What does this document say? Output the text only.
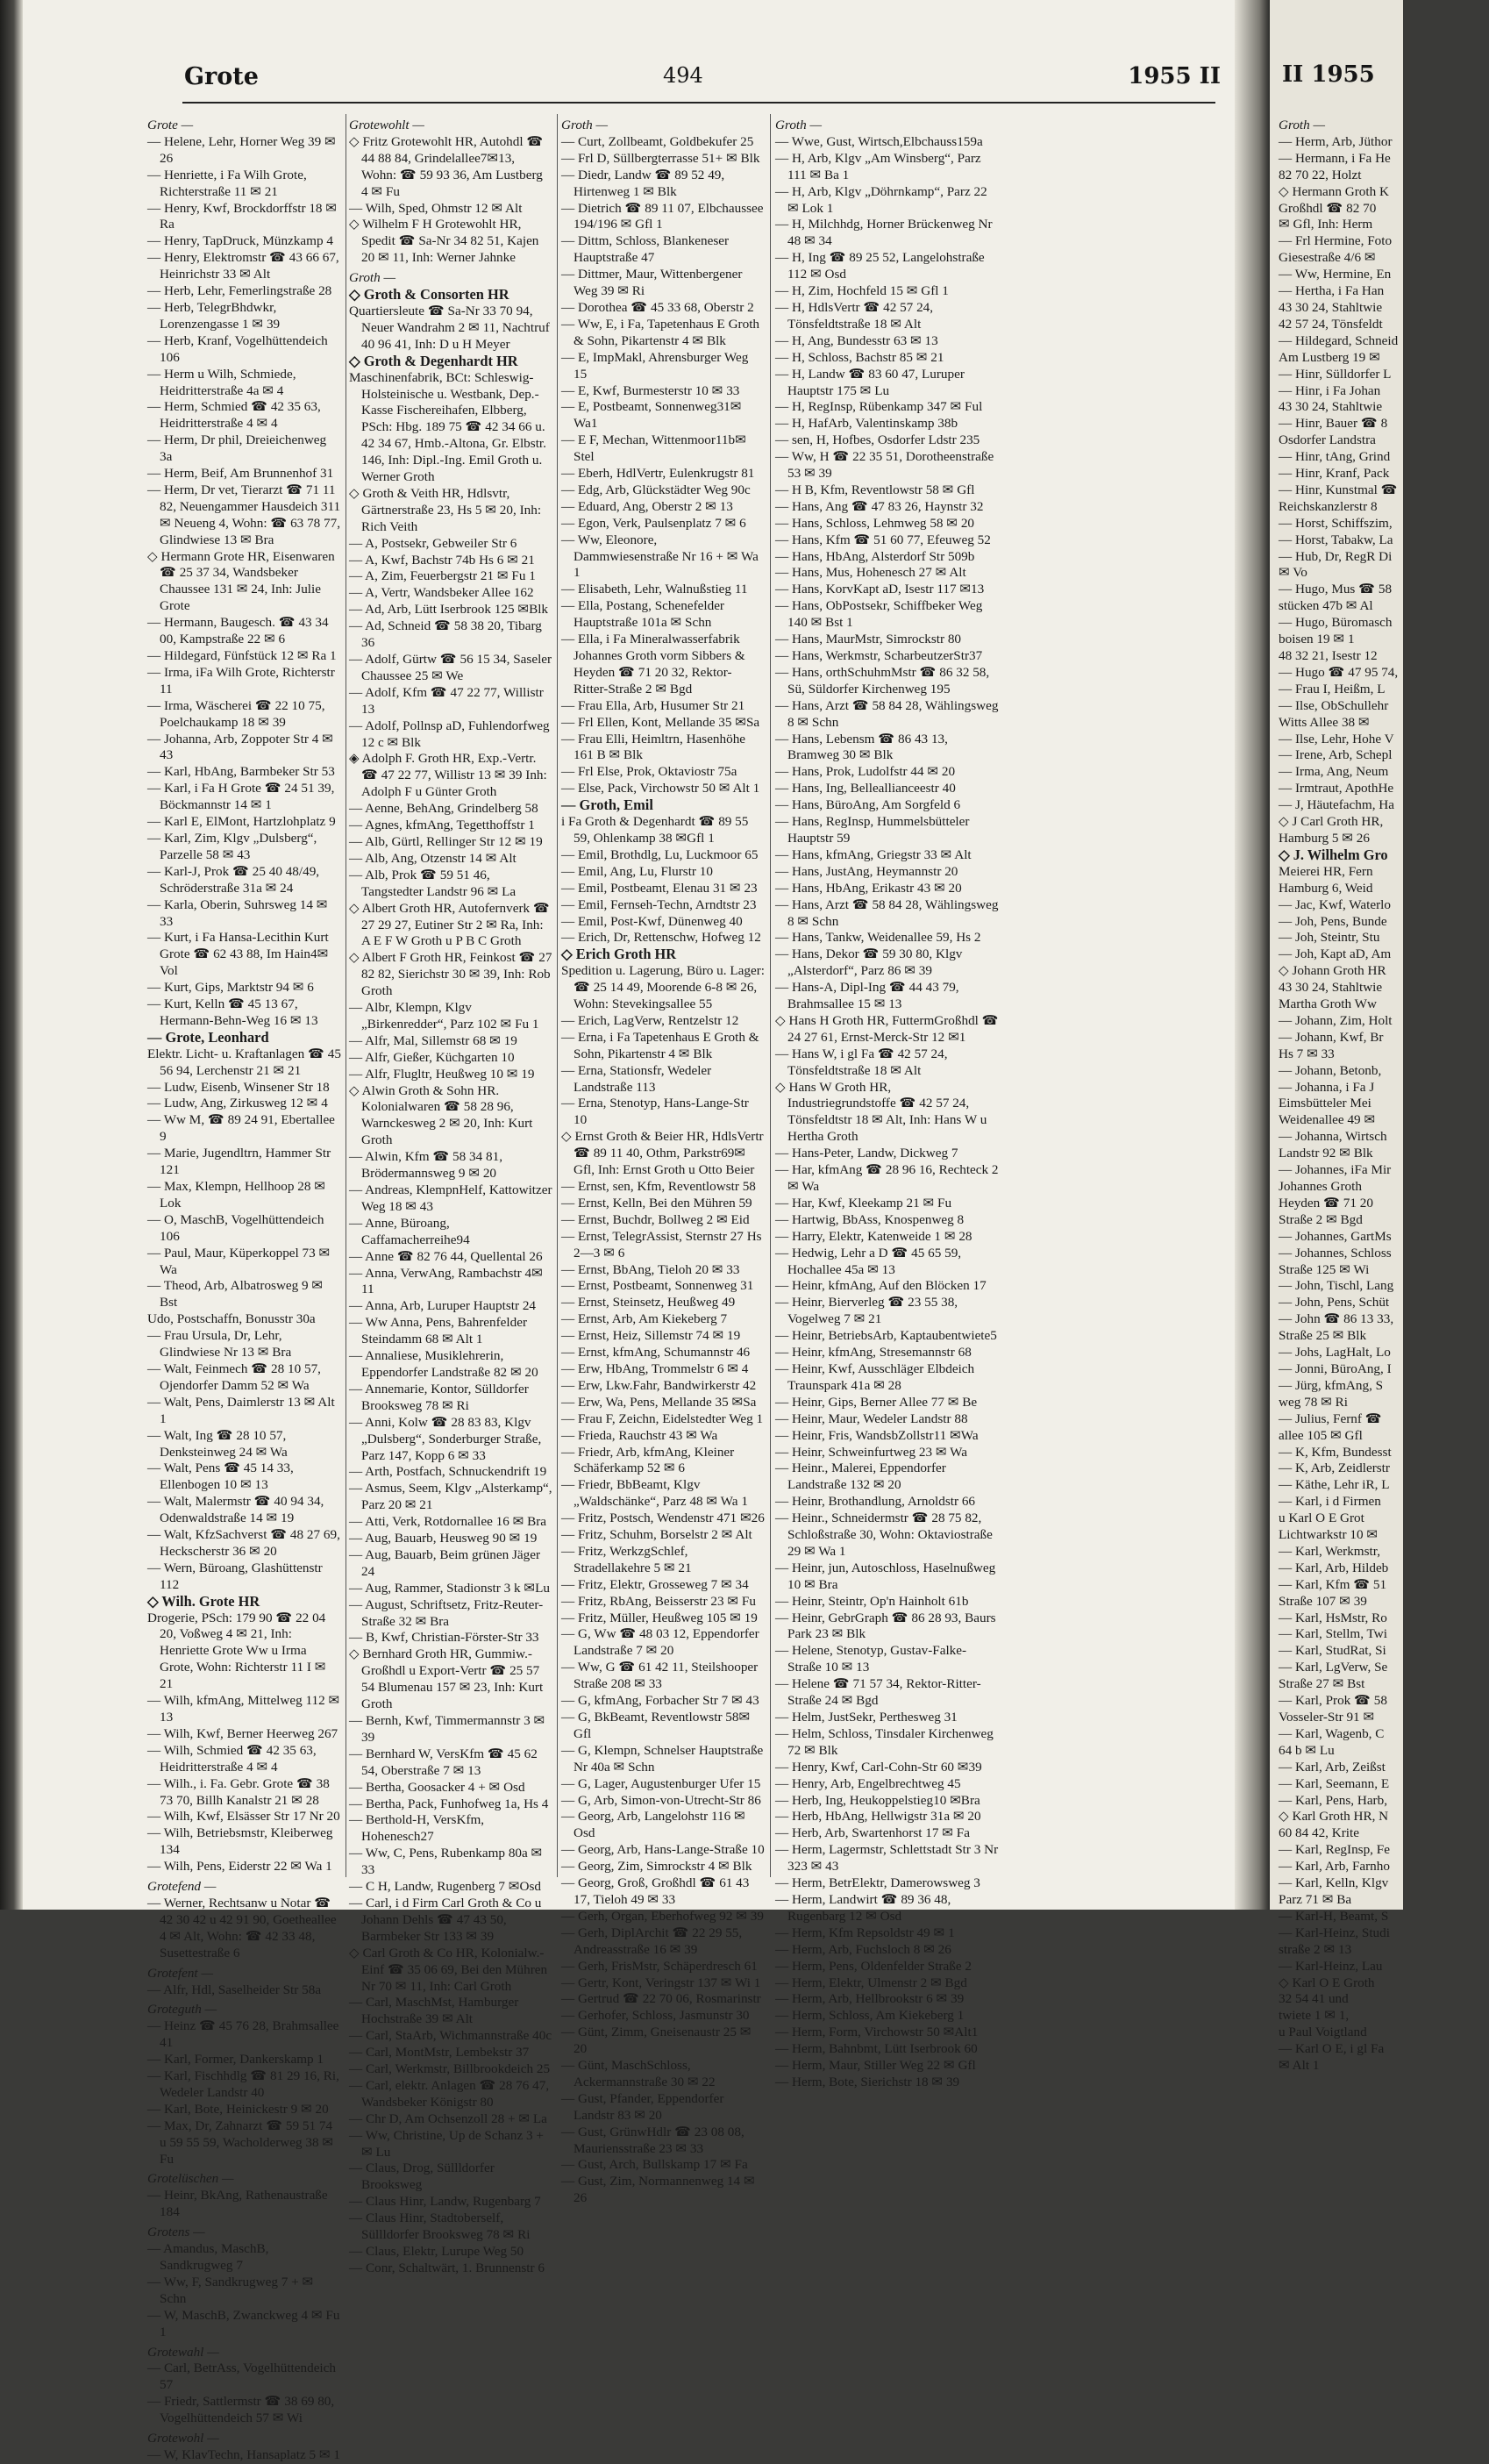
Grote	494	1955 II

Grote —

— Helene, Lehr, Horner Weg 39 ✉ 26

— Henriette, i Fa Wilh Grote, Richterstraße 11 ✉ 21

— Henry, Kwf, Brockdorffstr 18 ✉ Ra

— Henry, TapDruck, Münzkamp 4

— Henry, Elektromstr ☎ 43 66 67, Heinrichstr 33 ✉ Alt

— Herb, Lehr, Femerlingstraße 28

— Herb, TelegrBhdwkr, Lorenzengasse 1 ✉ 39

— Herb, Kranf, Vogelhüttendeich 106

— Herm u Wilh, Schmiede, Heidritterstraße 4a ✉ 4

— Herm, Schmied ☎ 42 35 63, Heidritterstraße 4 ✉ 4

— Herm, Dr phil, Dreieichenweg 3a

— Herm, Beif, Am Brunnenhof 31

— Herm, Dr vet, Tierarzt ☎ 71 11 82, Neuengammer Hausdeich 311 ✉ Neueng 4, Wohn: ☎ 63 78 77, Glindwiese 13 ✉ Bra

◇ Hermann Grote HR, Eisenwaren ☎ 25 37 34, Wandsbeker Chaussee 131 ✉ 24, Inh: Julie Grote

— Hermann, Baugesch. ☎ 43 34 00, Kampstraße 22 ✉ 6

— Hildegard, Fünfstück 12 ✉ Ra 1

— Irma, iFa Wilh Grote, Richterstr 11

— Irma, Wäscherei ☎ 22 10 75, Poelchaukamp 18 ✉ 39

— Johanna, Arb, Zoppoter Str 4 ✉ 43

— Karl, HbAng, Barmbeker Str 53

— Karl, i Fa H Grote ☎ 24 51 39, Böckmannstr 14 ✉ 1

— Karl E, ElMont, Hartzlohplatz 9

— Karl, Zim, Klgv „Dulsberg“, Parzelle 58 ✉ 43

— Karl-J, Prok ☎ 25 40 48/49, Schröderstraße 31a ✉ 24

— Karla, Oberin, Suhrsweg 14 ✉ 33

— Kurt, i Fa Hansa-Lecithin Kurt Grote ☎ 62 43 88, Im Hain4✉Vol

— Kurt, Gips, Marktstr 94 ✉ 6

— Kurt, Kelln ☎ 45 13 67, Hermann-Behn-Weg 16 ✉ 13

— Grote, Leonhard

Elektr. Licht- u. Kraftanlagen ☎ 45 56 94, Lerchenstr 21 ✉ 21

— Ludw, Eisenb, Winsener Str 18

— Ludw, Ang, Zirkusweg 12 ✉ 4

— Ww M, ☎ 89 24 91, Ebertallee 9

— Marie, Jugendltrn, Hammer Str 121

— Max, Klempn, Hellhoop 28 ✉ Lok

— O, MaschB, Vogelhüttendeich 106

— Paul, Maur, Küperkoppel 73 ✉ Wa

— Theod, Arb, Albatrosweg 9 ✉ Bst

Udo, Postschaffn, Bonusstr 30a

— Frau Ursula, Dr, Lehr, Glindwiese Nr 13 ✉ Bra

— Walt, Feinmech ☎ 28 10 57, Ojendorfer Damm 52 ✉ Wa

— Walt, Pens, Daimlerstr 13 ✉ Alt 1

— Walt, Ing ☎ 28 10 57, Denksteinweg 24 ✉ Wa

— Walt, Pens ☎ 45 14 33, Ellenbogen 10 ✉ 13

— Walt, Malermstr ☎ 40 94 34, Odenwaldstraße 14 ✉ 19

— Walt, KfzSachverst ☎ 48 27 69, Heckscherstr 36 ✉ 20

— Wern, Büroang, Glashüttenstr 112

◇ Wilh. Grote HR

Drogerie, PSch: 179 90 ☎ 22 04 20, Voßweg 4 ✉ 21, Inh: Henriette Grote Ww u Irma Grote, Wohn: Richterstr 11 I ✉ 21

— Wilh, kfmAng, Mittelweg 112 ✉13

— Wilh, Kwf, Berner Heerweg 267

— Wilh, Schmied ☎ 42 35 63, Heidritterstraße 4 ✉ 4

— Wilh., i. Fa. Gebr. Grote ☎ 38 73 70, Billh Kanalstr 21 ✉ 28

— Wilh, Kwf, Elsässer Str 17 Nr 20

— Wilh, Betriebsmstr, Kleiberweg 134

— Wilh, Pens, Eiderstr 22 ✉ Wa 1

Grotefend —

— Werner, Rechtsanw u Notar ☎ 42 30 42 u 42 91 90, Goetheallee 4 ✉ Alt, Wohn: ☎ 42 33 48, Susettestraße 6

Grotefent —

— Alfr, Hdl, Saselheider Str 58a

Groteguth —

— Heinz ☎ 45 76 28, Brahmsallee 41

— Karl, Former, Dankerskamp 1

— Karl, Fischhdlg ☎ 81 29 16, Ri, Wedeler Landstr 40

— Karl, Bote, Heinickestr 9 ✉ 20

— Max, Dr, Zahnarzt ☎ 59 51 74 u 59 55 59, Wacholderweg 38 ✉ Fu

Grotelüschen —

— Heinr, BkAng, Rathenaustraße 184

Grotens —

— Amandus, MaschB, Sandkrugweg 7

— Ww, F, Sandkrugweg 7 + ✉ Schn

— W, MaschB, Zwanckweg 4 ✉ Fu 1

Grotewahl —

— Carl, BetrAss, Vogelhüttendeich 57

— Friedr, Sattlermstr ☎ 38 69 80, Vogelhüttendeich 57 ✉ Wi

Grotewohl —

— W, KlavTechn, Hansaplatz 5 ✉ 1

Grotewohlt —

◇ Fritz Grotewohlt HR, Autohdl ☎ 44 88 84, Grindelallee7✉13, Wohn: ☎ 59 93 36, Am Lustberg 4 ✉ Fu

— Wilh, Sped, Ohmstr 12 ✉ Alt

◇ Wilhelm F H Grotewohlt HR, Spedit ☎ Sa-Nr 34 82 51, Kajen 20 ✉ 11, Inh: Werner Jahnke

Groth —

◇ Groth & Consorten HR

Quartiersleute ☎ Sa-Nr 33 70 94, Neuer Wandrahm 2 ✉ 11, Nachtruf 40 96 41, Inh: D u H Meyer

◇ Groth & Degenhardt HR

Maschinenfabrik, BCt: Schleswig-Holsteinische u. Westbank, Dep.-Kasse Fischereihafen, Elbberg, PSch: Hbg. 189 75 ☎ 42 34 66 u. 42 34 67, Hmb.-Altona, Gr. Elbstr. 146, Inh: Dipl.-Ing. Emil Groth u. Werner Groth

◇ Groth & Veith HR, Hdlsvtr, Gärtnerstraße 23, Hs 5 ✉ 20, Inh: Rich Veith

— A, Postsekr, Gebweiler Str 6

— A, Kwf, Bachstr 74b Hs 6 ✉ 21

— A, Zim, Feuerbergstr 21 ✉ Fu 1

— A, Vertr, Wandsbeker Allee 162

— Ad, Arb, Lütt Iserbrook 125 ✉Blk

— Ad, Schneid ☎ 58 38 20, Tibarg 36

— Adolf, Gürtw ☎ 56 15 34, Saseler Chaussee 25 ✉ We

— Adolf, Kfm ☎ 47 22 77, Willistr 13

— Adolf, Pollnsp aD, Fuhlendorfweg 12 c ✉ Blk

◈ Adolph F. Groth HR, Exp.-Vertr. ☎ 47 22 77, Willistr 13 ✉ 39 Inh: Adolph F u Günter Groth

— Aenne, BehAng, Grindelberg 58

— Agnes, kfmAng, Tegetthoffstr 1

— Alb, Gürtl, Rellinger Str 12 ✉ 19

— Alb, Ang, Otzenstr 14 ✉ Alt

— Alb, Prok ☎ 59 51 46, Tangstedter Landstr 96 ✉ La

◇ Albert Groth HR, Autofernverk ☎ 27 29 27, Eutiner Str 2 ✉ Ra, Inh: A E F W Groth u P B C Groth

◇ Albert F Groth HR, Feinkost ☎ 27 82 82, Sierichstr 30 ✉ 39, Inh: Rob Groth

— Albr, Klempn, Klgv „Birkenredder“, Parz 102 ✉ Fu 1

— Alfr, Mal, Sillemstr 68 ✉ 19

— Alfr, Gießer, Küchgarten 10

— Alfr, Flugltr, Heußweg 10 ✉ 19

◇ Alwin Groth & Sohn HR. Kolonialwaren ☎ 58 28 96, Warnckesweg 2 ✉ 20, Inh: Kurt Groth

— Alwin, Kfm ☎ 58 34 81, Brödermannsweg 9 ✉ 20

— Andreas, KlempnHelf, Kattowitzer Weg 18 ✉ 43

— Anne, Büroang, Caffamacherreihe94

— Anne ☎ 82 76 44, Quellental 26

— Anna, VerwAng, Rambachstr 4✉11

— Anna, Arb, Luruper Hauptstr 24

— Ww Anna, Pens, Bahrenfelder Steindamm 68 ✉ Alt 1

— Annaliese, Musiklehrerin, Eppendorfer Landstraße 82 ✉ 20

— Annemarie, Kontor, Sülldorfer Brooksweg 78 ✉ Ri

— Anni, Kolw ☎ 28 83 83, Klgv „Dulsberg“, Sonderburger Straße, Parz 147, Kopp 6 ✉ 33

— Arth, Postfach, Schnuckendrift 19

— Asmus, Seem, Klgv „Alsterkamp“, Parz 20 ✉ 21

— Atti, Verk, Rotdornallee 16 ✉ Bra

— Aug, Bauarb, Heusweg 90 ✉ 19

— Aug, Bauarb, Beim grünen Jäger 24

— Aug, Rammer, Stadionstr 3 k ✉Lu

— August, Schriftsetz, Fritz-Reuter-Straße 32 ✉ Bra

— B, Kwf, Christian-Förster-Str 33

◇ Bernhard Groth HR, Gummiw.-Großhdl u Export-Vertr ☎ 25 57 54 Blumenau 157 ✉ 23, Inh: Kurt Groth

— Bernh, Kwf, Timmermannstr 3 ✉39

— Bernhard W, VersKfm ☎ 45 62 54, Oberstraße 7 ✉ 13

— Bertha, Goosacker 4 + ✉ Osd

— Bertha, Pack, Funhofweg 1a, Hs 4

— Berthold-H, VersKfm, Hohenesch27

— Ww, C, Pens, Rubenkamp 80a ✉33

— C H, Landw, Rugenberg 7 ✉Osd

— Carl, i d Firm Carl Groth & Co u Johann Dehls ☎ 47 43 50, Barmbeker Str 133 ✉ 39

◇ Carl Groth & Co HR, Kolonialw.-Einf ☎ 35 06 69, Bei den Mühren Nr 70 ✉ 11, Inh: Carl Groth

— Carl, MaschMst, Hamburger Hochstraße 39 ✉ Alt

— Carl, StaArb, Wichmannstraße 40c

— Carl, MontMstr, Lembekstr 37

— Carl, Werkmstr, Billbrookdeich 25

— Carl, elektr. Anlagen ☎ 28 76 47, Wandsbeker Königstr 80

— Chr D, Am Ochsenzoll 28 + ✉ La

— Ww, Christine, Up de Schanz 3 + ✉ Lu

— Claus, Drog, Süllldorfer Brooksweg

— Claus Hinr, Landw, Rugenbarg 7

— Claus Hinr, Stadtoberself, Süllldorfer Brooksweg 78 ✉ Ri

— Claus, Elektr, Lurupe Weg 50

— Conr, Schaltwärt, 1. Brunnenstr 6

Groth —

— Curt, Zollbeamt, Goldbekufer 25

— Frl D, Süllbergterrasse 51+ ✉ Blk

— Diedr, Landw ☎ 89 52 49, Hirtenweg 1 ✉ Blk

— Dietrich ☎ 89 11 07, Elbchaussee 194/196 ✉ Gfl 1

— Dittm, Schloss, Blankeneser Hauptstraße 47

— Dittmer, Maur, Wittenbergener Weg 39 ✉ Ri

— Dorothea ☎ 45 33 68, Oberstr 2

— Ww, E, i Fa, Tapetenhaus E Groth & Sohn, Pikartenstr 4 ✉ Blk

— E, ImpMakl, Ahrensburger Weg 15

— E, Kwf, Burmesterstr 10 ✉ 33

— E, Postbeamt, Sonnenweg31✉Wa1

— E F, Mechan, Wittenmoor11b✉Stel

— Eberh, HdlVertr, Eulenkrugstr 81

— Edg, Arb, Glückstädter Weg 90c

— Eduard, Ang, Oberstr 2 ✉ 13

— Egon, Verk, Paulsenplatz 7 ✉ 6

— Ww, Eleonore, Dammwiesenstraße Nr 16 + ✉ Wa 1

— Elisabeth, Lehr, Walnußstieg 11

— Ella, Postang, Schenefelder Hauptstraße 101a ✉ Schn

— Ella, i Fa Mineralwasserfabrik Johannes Groth vorm Sibbers & Heyden ☎ 71 20 32, Rektor-Ritter-Straße 2 ✉ Bgd

— Frau Ella, Arb, Husumer Str 21

— Frl Ellen, Kont, Mellande 35 ✉Sa

— Frau Elli, Heimltrn, Hasenhöhe 161 B ✉ Blk

— Frl Else, Prok, Oktaviostr 75a

— Else, Pack, Virchowstr 50 ✉ Alt 1

— Groth, Emil

i Fa Groth & Degenhardt ☎ 89 55 59, Ohlenkamp 38 ✉Gfl 1

— Emil, Brothdlg, Lu, Luckmoor 65

— Emil, Ang, Lu, Flurstr 10

— Emil, Postbeamt, Elenau 31 ✉ 23

— Emil, Fernseh-Techn, Arndtstr 23

— Emil, Post-Kwf, Dünenweg 40

— Erich, Dr, Rettenschw, Hofweg 12

◇ Erich Groth HR

Spedition u. Lagerung, Büro u. Lager: ☎ 25 14 49, Moorende 6-8 ✉ 26, Wohn: Stevekingsallee 55

— Erich, LagVerw, Rentzelstr 12

— Erna, i Fa Tapetenhaus E Groth & Sohn, Pikartenstr 4 ✉ Blk

— Erna, Stationsfr, Wedeler Landstraße 113

— Erna, Stenotyp, Hans-Lange-Str 10

◇ Ernst Groth & Beier HR, HdlsVertr ☎ 89 11 40, Othm, Parkstr69✉Gfl, Inh: Ernst Groth u Otto Beier

— Ernst, sen, Kfm, Reventlowstr 58

— Ernst, Kelln, Bei den Mühren 59

— Ernst, Buchdr, Bollweg 2 ✉ Eid

— Ernst, TelegrAssist, Sternstr 27 Hs 2—3 ✉ 6

— Ernst, BbAng, Tieloh 20 ✉ 33

— Ernst, Postbeamt, Sonnenweg 31

— Ernst, Steinsetz, Heußweg 49

— Ernst, Arb, Am Kiekeberg 7

— Ernst, Heiz, Sillemstr 74 ✉ 19

— Ernst, kfmAng, Schumannstr 46

— Erw, HbAng, Trommelstr 6 ✉ 4

— Erw, Lkw.Fahr, Bandwirkerstr 42

— Erw, Wa, Pens, Mellande 35 ✉Sa

— Frau F, Zeichn, Eidelstedter Weg 1

— Frieda, Rauchstr 43 ✉ Wa

— Friedr, Arb, kfmAng, Kleiner Schäferkamp 52 ✉ 6

— Friedr, BbBeamt, Klgv „Waldschänke“, Parz 48 ✉ Wa 1

— Fritz, Postsch, Wendenstr 471 ✉26

— Fritz, Schuhm, Borselstr 2 ✉ Alt

— Fritz, WerkzgSchlef, Stradellakehre 5 ✉ 21

— Fritz, Elektr, Grosseweg 7 ✉ 34

— Fritz, RbAng, Beisserstr 23 ✉ Fu

— Fritz, Müller, Heußweg 105 ✉ 19

— G, Ww ☎ 48 03 12, Eppendorfer Landstraße 7 ✉ 20

— Ww, G ☎ 61 42 11, Steilshooper Straße 208 ✉ 33

— G, kfmAng, Forbacher Str 7 ✉ 43

— G, BkBeamt, Reventlowstr 58✉Gfl

— G, Klempn, Schnelser Hauptstraße Nr 40a ✉ Schn

— G, Lager, Augustenburger Ufer 15

— G, Arb, Simon-von-Utrecht-Str 86

— Georg, Arb, Langelohstr 116 ✉ Osd

— Georg, Arb, Hans-Lange-Straße 10

— Georg, Zim, Simrockstr 4 ✉ Blk

— Georg, Groß, Großhdl ☎ 61 43 17, Tieloh 49 ✉ 33

— Gerh, Organ, Eberhofweg 92 ✉ 39

— Gerh, DiplArchit ☎ 22 29 55, Andreasstraße 16 ✉ 39

— Gerh, FrisMstr, Schäperdresch 61

— Gertr, Kont, Veringstr 137 ✉ Wi 1

— Gertrud ☎ 22 70 06, Rosmarinstr

— Gerhofer, Schloss, Jasmunstr 30

— Günt, Zimm, Gneisenaustr 25 ✉ 20

— Günt, MaschSchloss, Ackermannstraße 30 ✉ 22

— Gust, Pfander, Eppendorfer Landstr 83 ✉ 20

— Gust, GrünwHdlr ☎ 23 08 08, Mauriensstraße 23 ✉ 33

— Gust, Arch, Bullskamp 17 ✉ Fa

— Gust, Zim, Normannenweg 14 ✉26

Groth —

— Wwe, Gust, Wirtsch,Elbchauss159a

— H, Arb, Klgv „Am Winsberg“, Parz 111 ✉ Ba 1

— H, Arb, Klgv „Döhrnkamp“, Parz 22 ✉ Lok 1

— H, Milchhdg, Horner Brückenweg Nr 48 ✉ 34

— H, Ing ☎ 89 25 52, Langelohstraße 112 ✉ Osd

— H, Zim, Hochfeld 15 ✉ Gfl 1

— H, HdlsVertr ☎ 42 57 24, Tönsfeldtstraße 18 ✉ Alt

— H, Ang, Bundesstr 63 ✉ 13

— H, Schloss, Bachstr 85 ✉ 21

— H, Landw ☎ 83 60 47, Luruper Hauptstr 175 ✉ Lu

— H, RegInsp, Rübenkamp 347 ✉ Ful

— H, HafArb, Valentinskamp 38b

— sen, H, Hofbes, Osdorfer Ldstr 235

— Ww, H ☎ 22 35 51, Dorotheenstraße 53 ✉ 39

— H B, Kfm, Reventlowstr 58 ✉ Gfl

— Hans, Ang ☎ 47 83 26, Haynstr 32

— Hans, Schloss, Lehmweg 58 ✉ 20

— Hans, Kfm ☎ 51 60 77, Efeuweg 52

— Hans, HbAng, Alsterdorf Str 509b

— Hans, Mus, Hohenesch 27 ✉ Alt

— Hans, KorvKapt aD, Isestr 117 ✉13

— Hans, ObPostsekr, Schiffbeker Weg 140 ✉ Bst 1

— Hans, MaurMstr, Simrockstr 80

— Hans, Werkmstr, ScharbeutzerStr37

— Hans, orthSchuhmMstr ☎ 86 32 58, Sü, Süldorfer Kirchenweg 195

— Hans, Arzt ☎ 58 84 28, Wählingsweg 8 ✉ Schn

— Hans, Lebensm ☎ 86 43 13, Bramweg 30 ✉ Blk

— Hans, Prok, Ludolfstr 44 ✉ 20

— Hans, Ing, Belleallianceestr 40

— Hans, BüroAng, Am Sorgfeld 6

— Hans, RegInsp, Hummelsbütteler Hauptstr 59

— Hans, kfmAng, Griegstr 33 ✉ Alt

— Hans, JustAng, Heymannstr 20

— Hans, HbAng, Erikastr 43 ✉ 20

— Hans, Arzt ☎ 58 84 28, Wählingsweg 8 ✉ Schn

— Hans, Tankw, Weidenallee 59, Hs 2

— Hans, Dekor ☎ 59 30 80, Klgv „Alsterdorf“, Parz 86 ✉ 39

— Hans-A, Dipl-Ing ☎ 44 43 79, Brahmsallee 15 ✉ 13

◇ Hans H Groth HR, FuttermGroßhdl ☎ 24 27 61, Ernst-Merck-Str 12 ✉1

— Hans W, i gl Fa ☎ 42 57 24, Tönsfeldtstraße 18 ✉ Alt

◇ Hans W Groth HR, Industriegrundstoffe ☎ 42 57 24, Tönsfeldtstr 18 ✉ Alt, Inh: Hans W u Hertha Groth

— Hans-Peter, Landw, Dickweg 7

— Har, kfmAng ☎ 28 96 16, Rechteck 2 ✉ Wa

— Har, Kwf, Kleekamp 21 ✉ Fu

— Hartwig, BbAss, Knospenweg 8

— Harry, Elektr, Katenweide 1 ✉ 28

— Hedwig, Lehr a D ☎ 45 65 59, Hochallee 45a ✉ 13

— Heinr, kfmAng, Auf den Blöcken 17

— Heinr, Bierverleg ☎ 23 55 38, Vogelweg 7 ✉ 21

— Heinr, BetriebsArb, Kaptaubentwiete5

— Heinr, kfmAng, Stresemannstr 68

— Heinr, Kwf, Ausschläger Elbdeich Traunspark 41a ✉ 28

— Heinr, Gips, Berner Allee 77 ✉ Be

— Heinr, Maur, Wedeler Landstr 88

— Heinr, Fris, WandsbZollstr11 ✉Wa

— Heinr, Schweinfurtweg 23 ✉ Wa

— Heinr., Malerei, Eppendorfer Landstraße 132 ✉ 20

— Heinr, Brothandlung, Arnoldstr 66

— Heinr., Schneidermstr ☎ 28 75 82, Schloßstraße 30, Wohn: Oktaviostraße 29 ✉ Wa 1

— Heinr, jun, Autoschloss, Haselnußweg 10 ✉ Bra

— Heinr, Steintr, Op'n Hainholt 61b

— Heinr, GebrGraph ☎ 86 28 93, Baurs Park 23 ✉ Blk

— Helene, Stenotyp, Gustav-Falke-Straße 10 ✉ 13

— Helene ☎ 71 57 34, Rektor-Ritter-Straße 24 ✉ Bgd

— Helm, JustSekr, Perthesweg 31

— Helm, Schloss, Tinsdaler Kirchenweg 72 ✉ Blk

— Henry, Kwf, Carl-Cohn-Str 60 ✉39

— Henry, Arb, Engelbrechtweg 45

— Herb, Ing, Heukoppelstieg10 ✉Bra

— Herb, HbAng, Hellwigstr 31a ✉ 20

— Herb, Arb, Swartenhorst 17 ✉ Fa

— Herm, Lagermstr, Schlettstadt Str 3 Nr 323 ✉ 43

— Herm, BetrElektr, Damerowsweg 3

— Herm, Landwirt ☎ 89 36 48, Rugenbarg 12 ✉ Osd

— Herm, Kfm Repsoldstr 49 ✉ 1

— Herm, Arb, Fuchsloch 8 ✉ 26

— Herm, Pens, Oldenfelder Straße 2

— Herm, Elektr, Ulmenstr 2 ✉ Bgd

— Herm, Arb, Hellbrookstr 6 ✉ 39

— Herm, Schloss, Am Kiekeberg 1

— Herm, Form, Virchowstr 50 ✉Alt1

— Herm, Bahnbmt, Lütt Iserbrook 60

— Herm, Maur, Stiller Weg 22 ✉ Gfl

— Herm, Bote, Sierichstr 18 ✉ 39

II 1955

Groth —

— Herm, Arb, Jüthor

— Hermann, i Fa He

82 70 22, Holzt

◇ Hermann Groth K

Großhdl ☎ 82 70

✉ Gfl, Inh: Herm

— Frl Hermine, Foto

Giesestraße 4/6 ✉

— Ww, Hermine, En

— Hertha, i Fa Han

43 30 24, Stahltwie

42 57 24, Tönsfeldt

— Hildegard, Schneid

Am Lustberg 19 ✉

— Hinr, Sülldorfer L

— Hinr, i Fa Johan

43 30 24, Stahltwie

— Hinr, Bauer ☎ 8

Osdorfer Landstra

— Hinr, tAng, Grind

— Hinr, Kranf, Pack

— Hinr, Kunstmal ☎

Reichskanzlerstr 8

— Horst, Schiffszim,

— Horst, Tabakw, La

— Hub, Dr, RegR Di

✉ Vo

— Hugo, Mus ☎ 58

stücken 47b ✉ Al

— Hugo, Büromasch

boisen 19 ✉ 1

48 32 21, Isestr 12

— Hugo ☎ 47 95 74,

— Frau I, Heißm, L

— Ilse, ObSchullehr

Witts Allee 38 ✉

— Ilse, Lehr, Hohe V

— Irene, Arb, Schepl

— Irma, Ang, Neum

— Irmtraut, ApothHe

— J, Häutefachm, Ha

◇ J Carl Groth HR,

Hamburg 5 ✉ 26

◇ J. Wilhelm Gro

Meierei HR, Fern

Hamburg 6, Weid

— Jac, Kwf, Waterlo

— Joh, Pens, Bunde

— Joh, Steintr, Stu

— Joh, Kapt aD, Am

◇ Johann Groth HR

43 30 24, Stahltwie

Martha Groth Ww

— Johann, Zim, Holt

— Johann, Kwf, Br

Hs 7 ✉ 33

— Johann, Betonb,

— Johanna, i Fa J

Eimsbütteler Mei

Weidenallee 49 ✉

— Johanna, Wirtsch

Landstr 92 ✉ Blk

— Johannes, iFa Mir

Johannes Groth

Heyden ☎ 71 20

Straße 2 ✉ Bgd

— Johannes, GartMs

— Johannes, Schloss

Straße 125 ✉ Wi

— John, Tischl, Lang

— John, Pens, Schüt

— John ☎ 86 13 33,

Straße 25 ✉ Blk

— Johs, LagHalt, Lo

— Jonni, BüroAng, I

— Jürg, kfmAng, S

weg 78 ✉ Ri

— Julius, Fernf ☎

allee 105 ✉ Gfl

— K, Kfm, Bundesst

— K, Arb, Zeidlerstr

— Käthe, Lehr iR, L

— Karl, i d Firmen

u Karl O E Grot

Lichtwarkstr 10 ✉

— Karl, Werkmstr,

— Karl, Arb, Hildeb

— Karl, Kfm ☎ 51

Straße 107 ✉ 39

— Karl, HsMstr, Ro

— Karl, Stellm, Twi

— Karl, StudRat, Si

— Karl, LgVerw, Se

Straße 27 ✉ Bst

— Karl, Prok ☎ 58

Vosseler-Str 91 ✉

— Karl, Wagenb, C

64 b ✉ Lu

— Karl, Arb, Zeißst

— Karl, Seemann, E

— Karl, Pens, Harb,

◇ Karl Groth HR, N

60 84 42, Krite

— Karl, RegInsp, Fe

— Karl, Arb, Farnho

— Karl, Kelln, Klgv

Parz 71 ✉ Ba

— Karl-H, Beamt, S

— Karl-Heinz, Studi

straße 2 ✉ 13

— Karl-Heinz, Lau

◇ Karl O E Groth

32 54 41 und

twiete 1 ✉ 1,

u Paul Voigtland

— Karl O E, i gl Fa

✉ Alt 1
